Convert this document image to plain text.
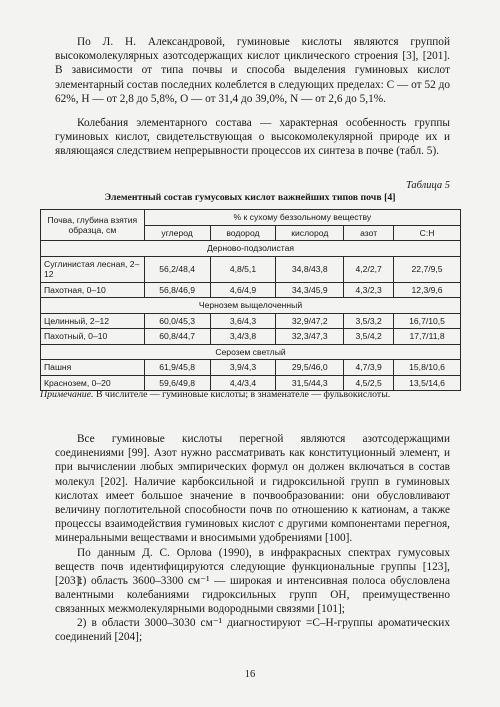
По Л. Н. Александровой, гуминовые кислоты являются группой высокомолекулярных азотсодержащих кислот циклического строения [3], [201]. В зависимости от типа почвы и способа выделения гуминовых кислот элементарный состав последних колеблется в следующих пределах: С — от 52 до 62%, Н — от 2,8 до 5,8%, О — от 31,4 до 39,0%, N — от 2,6 до 5,1%.

Колебания элементарного состава — характерная особенность группы гуминовых кислот, свидетельствующая о высокомолекулярной природе их и являющаяся следствием непрерывности процессов их синтеза в почве (табл. 5).

Таблица 5
Элементный состав гумусовых кислот важнейших типов почв [4]
Почва, глубина взятия образца, см	% к сухому беззольному веществу				
	углерод	водород	кислород	азот	C:H
Дерново-подзолистая					
Суглинистая лесная, 2–12	56,2/48,4	4,8/5,1	34,8/43,8	4,2/2,7	22,7/9,5
Пахотная, 0–10	56,8/46,9	4,6/4,9	34,3/45,9	4,3/2,3	12,3/9,6
Чернозем выщелоченный					
Целинный, 2–12	60,0/45,3	3,6/4,3	32,9/47,2	3,5/3,2	16,7/10,5
Пахотный, 0–10	60,8/44,7	3,4/3,8	32,3/47,3	3,5/4,2	17,7/11,8
Серозем светлый					
Пашня	61,9/45,8	3,9/4,3	29,5/46,0	4,7/3,9	15,8/10,6
Краснозем, 0–20	59,6/49,8	4,4/3,4	31,5/44,3	4,5/2,5	13,5/14,6
Примечание. В числителе — гуминовые кислоты; в знаменателе — фульвокислоты.

Все гуминовые кислоты перегной являются азотсодержащими соединениями [99]. Азот нужно рассматривать как конституционный элемент, и при вычислении любых эмпирических формул он должен включаться в состав молекул [202]. Наличие карбоксильной и гидроксильной групп в гуминовых кислотах имеет большое значение в почвообразовании: они обусловливают величину поглотительной способности почв по отношению к катионам, а также процессы взаимодействия гуминовых кислот с другими компонентами перегноя, минеральными веществами и вносимыми удобрениями [100].

По данным Д. С. Орлова (1990), в инфракрасных спектрах гумусовых веществ почв идентифицируются следующие функциональные группы [123], [203]:

1) область 3600–3300 см⁻¹ — широкая и интенсивная полоса обусловлена валентными колебаниями гидроксильных групп ОН, преимущественно связанных межмолекулярными водородными связями [101];

2) в области 3000–3030 см⁻¹ диагностируют =С–Н-группы ароматических соединений [204];

16
